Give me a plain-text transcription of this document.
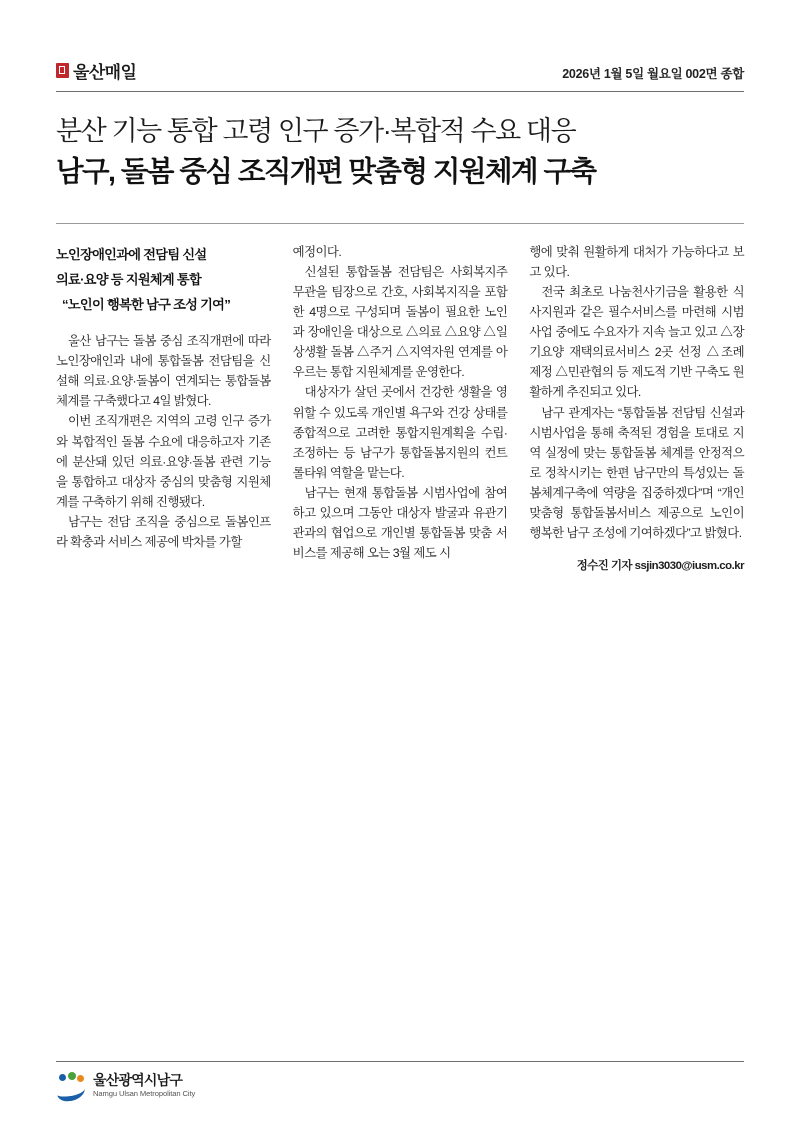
울산매일	2026년 1월 5일 월요일 002면 종합
분산 기능 통합 고령 인구 증가·복합적 수요 대응
남구, 돌봄 중심 조직개편 맞춤형 지원체계 구축
노인장애인과에 전담팀 신설
의료·요양 등 지원체계 통합
“노인이 행복한 남구 조성 기여”

울산 남구는 돌봄 중심 조직개편에 따라 노인장애인과 내에 통합돌봄 전담팀을 신설해 의료·요양·돌봄이 연계되는 통합돌봄 체계를 구축했다고 4일 밝혔다.

이번 조직개편은 지역의 고령 인구 증가와 복합적인 돌봄 수요에 대응하고자 기존에 분산돼 있던 의료·요양·돌봄 관련 기능을 통합하고 대상자 중심의 맞춤형 지원체계를 구축하기 위해 진행됐다.

남구는 전담 조직을 중심으로 돌봄인프라 확충과 서비스 제공에 박차를 가할

예정이다.

신설된 통합돌봄 전담팀은 사회복지주무관을 팀장으로 간호, 사회복지직을 포함한 4명으로 구성되며 돌봄이 필요한 노인과 장애인을 대상으로 △의료 △요양 △일상생활 돌봄 △주거 △지역자원 연계를 아우르는 통합 지원체계를 운영한다.

대상자가 살던 곳에서 건강한 생활을 영위할 수 있도록 개인별 욕구와 건강 상태를 종합적으로 고려한 통합지원계획을 수립·조정하는 등 남구가 통합돌봄지원의 컨트롤타워 역할을 맡는다.

남구는 현재 통합돌봄 시범사업에 참여하고 있으며 그동안 대상자 발굴과 유관기관과의 협업으로 개인별 통합돌봄 맞춤 서비스를 제공해 오는 3월 제도 시

행에 맞춰 원활하게 대처가 가능하다고 보고 있다.

전국 최초로 나눔천사기금을 활용한 식사지원과 같은 필수서비스를 마련해 시범사업 중에도 수요자가 지속 늘고 있고 △장기요양 재택의료서비스 2곳 선정 △조례 제정 △민관협의 등 제도적 기반 구축도 원활하게 추진되고 있다.

남구 관계자는 “통합돌봄 전담팀 신설과 시범사업을 통해 축적된 경험을 토대로 지역 실정에 맞는 통합돌봄 체계를 안정적으로 정착시키는 한편 남구만의 특성있는 돌봄체계구축에 역량을 집중하겠다”며 “개인 맞춤형 통합돌봄서비스 제공으로 노인이 행복한 남구 조성에 기여하겠다”고 밝혔다.

정수진 기자 ssjin3030@iusm.co.kr
울산광역시남구
Namgu Ulsan Metropolitan City
